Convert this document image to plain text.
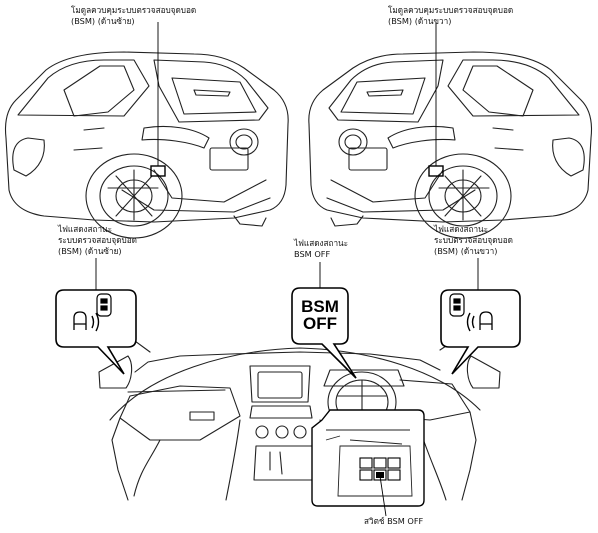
โมดูลควบคุมระบบตรวจสอบจุดบอด
(BSM) (ด้านซ้าย)
โมดูลควบคุมระบบตรวจสอบจุดบอด
(BSM) (ด้านขวา)
ไฟแสดงสถานะ
ระบบตรวจสอบจุดบอด
(BSM) (ด้านซ้าย)
ไฟแสดงสถานะ
BSM OFF
ไฟแสดงสถานะ
ระบบตรวจสอบจุดบอด
(BSM) (ด้านขวา)
สวิตช์ BSM OFF
BSM
OFF
